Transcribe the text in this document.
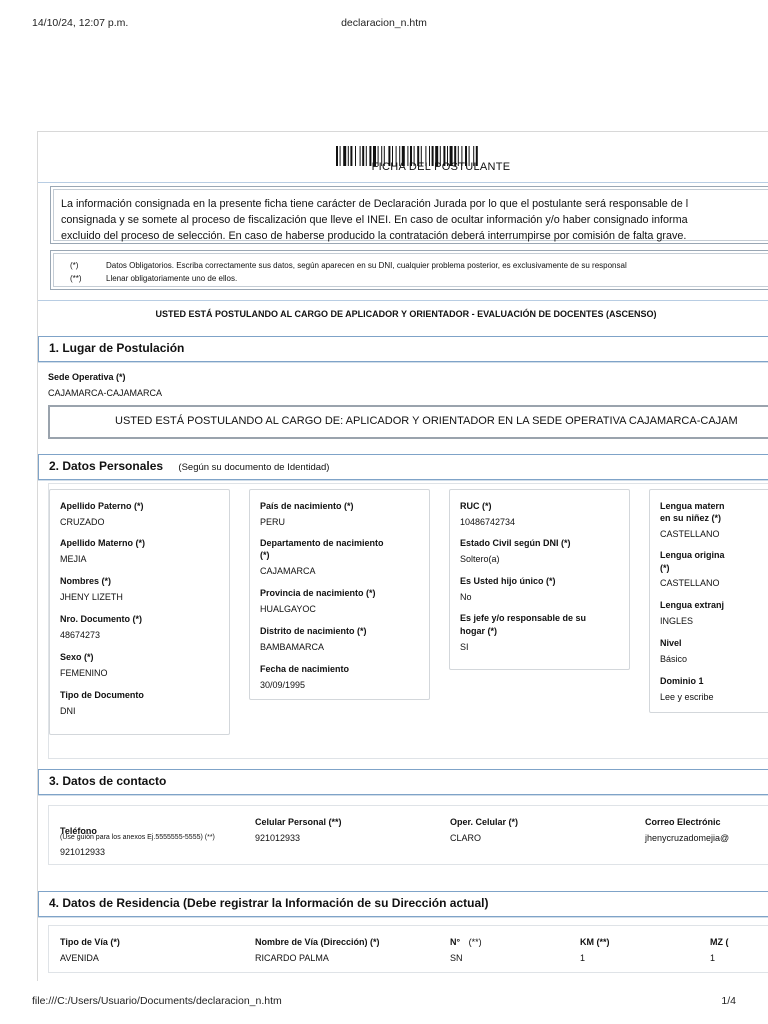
14/10/24, 12:07 p.m.	declaracion_n.htm
FICHA DEL POSTULANTE
La información consignada en la presente ficha tiene carácter de Declaración Jurada por lo que el postulante será responsable de l
consignada y se somete al proceso de fiscalización que lleve el INEI. En caso de ocultar información y/o haber consignado informa
excluido del proceso de selección. En caso de haberse producido la contratación deberá interrumpirse por comisión de falta grave.
(*)	Datos Obligatorios. Escriba correctamente sus datos, según aparecen en su DNI, cualquier problema posterior, es exclusivamente de su responsal
(**)	Llenar obligatoriamente uno de ellos.
USTED ESTÁ POSTULANDO AL CARGO DE APLICADOR Y ORIENTADOR - EVALUACIÓN DE DOCENTES (ASCENSO)
1. Lugar de Postulación
Sede Operativa (*)
CAJAMARCA-CAJAMARCA
USTED ESTÁ POSTULANDO AL CARGO DE: APLICADOR Y ORIENTADOR EN LA SEDE OPERATIVA CAJAMARCA-CAJAM
2. Datos Personales (Según su documento de Identidad)
Apellido Paterno (*)
CRUZADO
Apellido Materno (*)
MEJIA
Nombres (*)
JHENY LIZETH
Nro. Documento (*)
48674273
Sexo (*)
FEMENINO
Tipo de Documento
DNI
País de nacimiento (*)
PERU
Departamento de nacimiento
(*)
CAJAMARCA
Provincia de nacimiento (*)
HUALGAYOC
Distrito de nacimiento (*)
BAMBAMARCA
Fecha de nacimiento
30/09/1995
RUC (*)
10486742734
Estado Civil según DNI (*)
Soltero(a)
Es Usted hijo único (*)
No
Es jefe y/o responsable de su
hogar (*)
SI
Lengua matern
en su niñez (*)
CASTELLANO
Lengua origina
(*)
CASTELLANO
Lengua extranj
INGLES
Nivel
Básico
Dominio 1
Lee y escribe
3. Datos de contacto
Teléfono
(Use guión para los anexos Ej.5555555-5555) (**)
921012933
Celular Personal (**)
921012933
Oper. Celular (*)
CLARO
Correo Electrónic
jhenycruzadomejia@
4. Datos de Residencia (Debe registrar la Información de su Dirección actual)
Tipo de Vía (*)
AVENIDA
Nombre de Vía (Dirección) (*)
RICARDO PALMA
N° (**)
SN
KM (**)
1
MZ (
1
file:///C:/Users/Usuario/Documents/declaracion_n.htm	1/4
